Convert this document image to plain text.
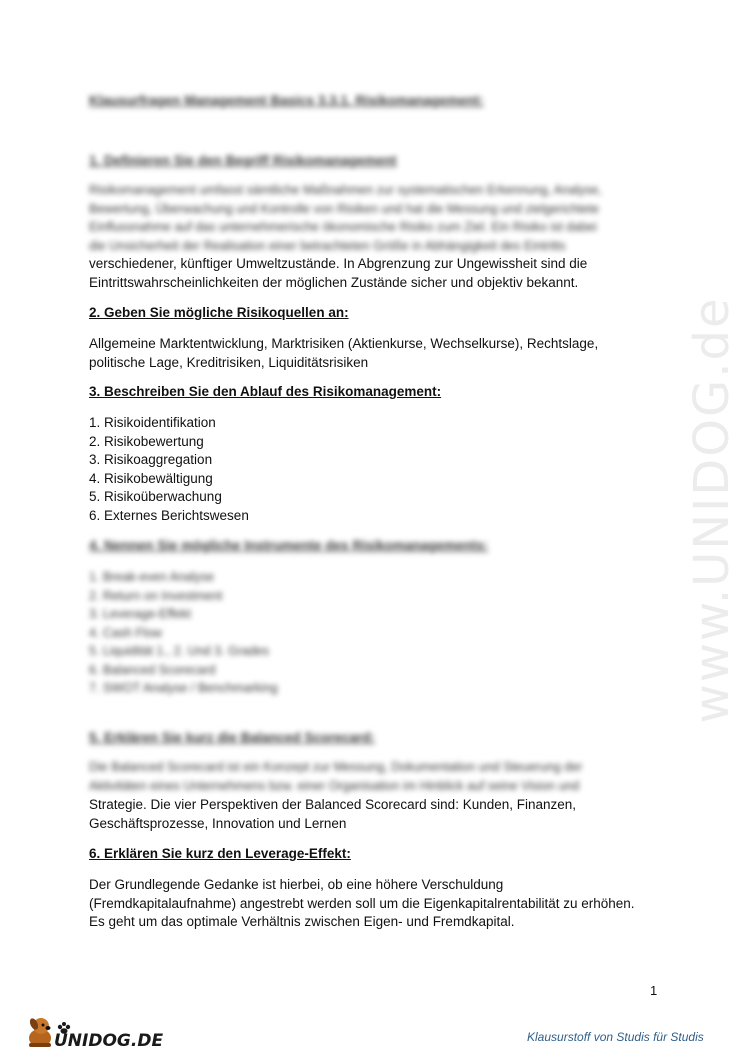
www.UNIDOG.de
Klausurfragen Management Basics 3.3.1. Risikomanagement:
1. Definieren Sie den Begriff Risikomanagement
Risikomanagement umfasst sämtliche Maßnahmen zur systematischen Erkennung, Analyse,
Bewertung, Überwachung und Kontrolle von Risiken und hat die Messung und zielgerichtete
Einflussnahme auf das unternehmerische ökonomische Risiko zum Ziel. Ein Risiko ist dabei
die Unsicherheit der Realisation einer betrachteten Größe in Abhängigkeit des Eintritts
verschiedener, künftiger Umweltzustände. In Abgrenzung zur Ungewissheit sind die
Eintrittswahrscheinlichkeiten der möglichen Zustände sicher und objektiv bekannt.
2. Geben Sie mögliche Risikoquellen an:
Allgemeine Marktentwicklung, Marktrisiken (Aktienkurse, Wechselkurse), Rechtslage,
politische Lage, Kreditrisiken, Liquiditätsrisiken
3. Beschreiben Sie den Ablauf des Risikomanagement:
1. Risikoidentifikation
2. Risikobewertung
3. Risikoaggregation
4. Risikobewältigung
5. Risikoüberwachung
6. Externes Berichtswesen
4. Nennen Sie mögliche Instrumente des Risikomanagements:
1. Break-even Analyse
2. Return on Investment
3. Leverage-Effekt
4. Cash Flow
5. Liquidität 1., 2. Und 3. Grades
6. Balanced Scorecard
7. SWOT Analyse / Benchmarking
5. Erklären Sie kurz die Balanced Scorecard:
Die Balanced Scorecard ist ein Konzept zur Messung, Dokumentation und Steuerung der
Aktivitäten eines Unternehmens bzw. einer Organisation im Hinblick auf seine Vision und
Strategie. Die vier Perspektiven der Balanced Scorecard sind: Kunden, Finanzen,
Geschäftsprozesse, Innovation und Lernen
6. Erklären Sie kurz den Leverage-Effekt:
Der Grundlegende Gedanke ist hierbei, ob eine höhere Verschuldung
(Fremdkapitalaufnahme) angestrebt werden soll um die Eigenkapitalrentabilität zu erhöhen.
Es geht um das optimale Verhältnis zwischen Eigen- und Fremdkapital.
1
UNIDOG.DE	Klausurstoff von Studis für Studis
